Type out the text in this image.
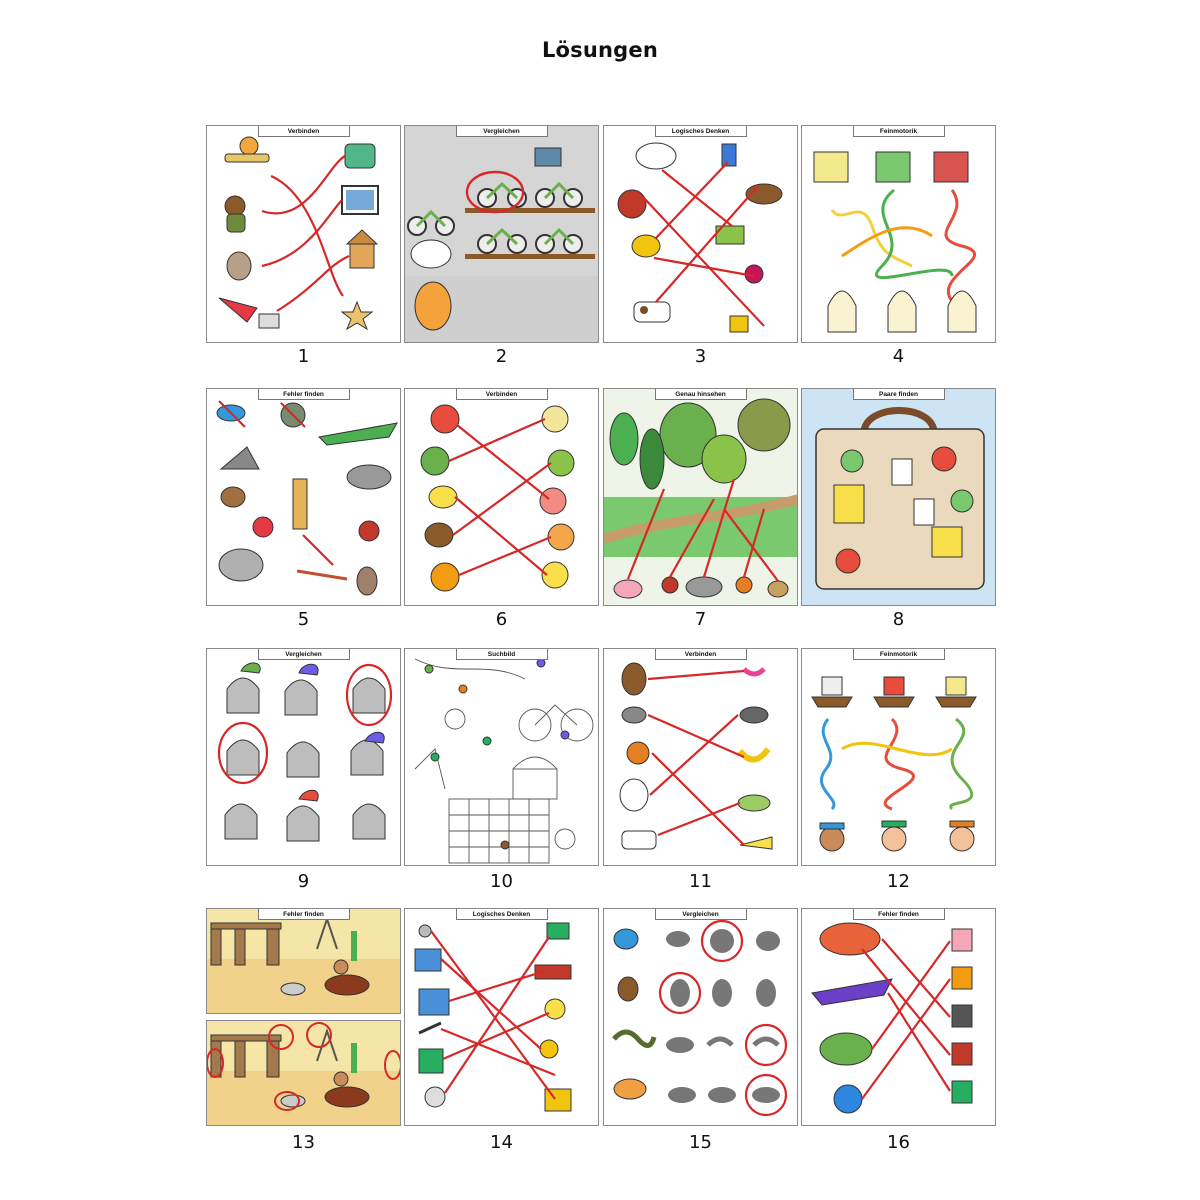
Lösungen
Verbinden
1
Vergleichen
2
Logisches Denken
3
Feinmotorik
4
Fehler finden
5
Verbinden
6
Genau hinsehen
7
Paare finden
8
Vergleichen
9
Suchbild
10
Verbinden
11
Feinmotorik
12
Fehler finden
13
Logisches Denken
14
Vergleichen
15
Fehler finden
16
